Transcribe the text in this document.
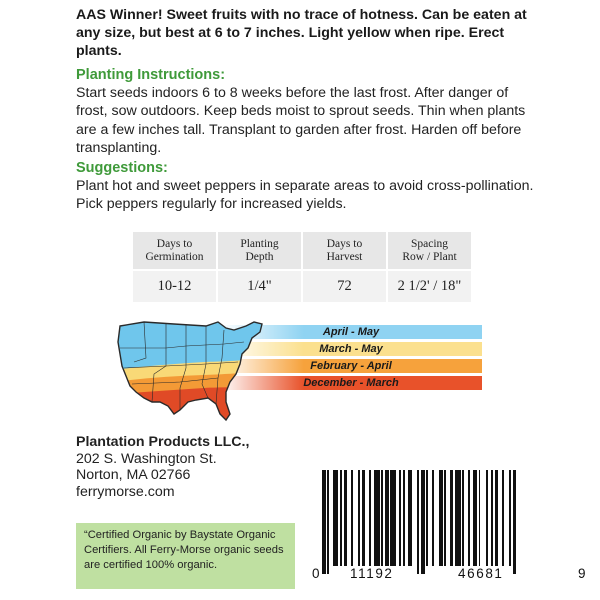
AAS Winner! Sweet fruits with no trace of hotness. Can be eaten at any size, but best at 6 to 7 inches. Light yellow when ripe. Erect plants.
Planting Instructions:
Start seeds indoors 6 to 8 weeks before the last frost. After danger of frost, sow outdoors. Keep beds moist to sprout seeds. Thin when plants are a few inches tall. Transplant to garden after frost. Harden off before transplanting.
Suggestions:
Plant hot and sweet peppers in separate areas to avoid cross-pollination. Pick peppers regularly for increased yields.
Days to
Germination
10-12
Planting
Depth
1/4"
Days to
Harvest
72
Spacing
Row / Plant
2 1/2' / 18"
April - May
March - May
February - April
December - March
Plantation Products LLC.,
202 S. Washington St.
Norton, MA 02766
ferrymorse.com
“Certified Organic by Baystate Organic Certifiers. All Ferry-Morse organic seeds are certified 100% organic.
0 11192	46681	9
